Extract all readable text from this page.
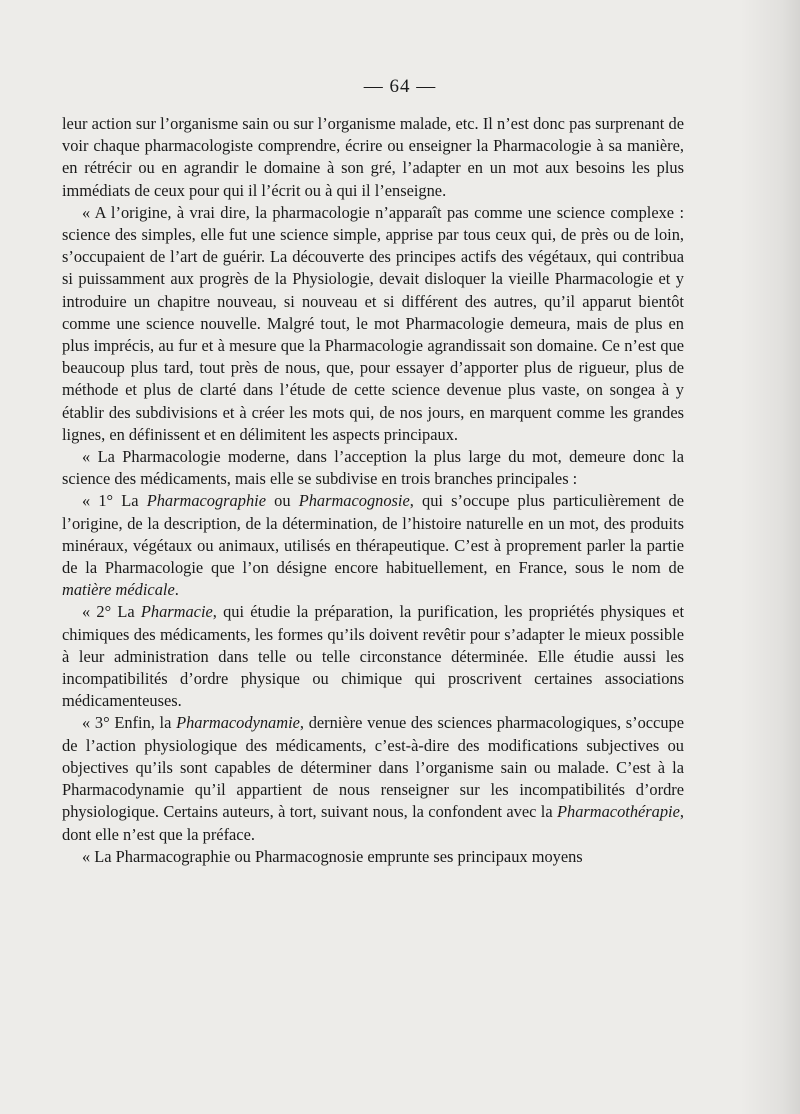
— 64 —

leur action sur l’organisme sain ou sur l’organisme malade, etc. Il n’est donc pas surprenant de voir chaque pharmacologiste comprendre, écrire ou enseigner la Pharmacologie à sa manière, en rétrécir ou en agrandir le domaine à son gré, l’adapter en un mot aux besoins les plus immédiats de ceux pour qui il l’écrit ou à qui il l’enseigne.

« A l’origine, à vrai dire, la pharmacologie n’apparaît pas comme une science complexe : science des simples, elle fut une science simple, apprise par tous ceux qui, de près ou de loin, s’occupaient de l’art de guérir. La découverte des principes actifs des végétaux, qui contribua si puissamment aux progrès de la Physiologie, devait disloquer la vieille Pharmacologie et y introduire un chapitre nouveau, si nouveau et si différent des autres, qu’il apparut bientôt comme une science nouvelle. Malgré tout, le mot Pharmacologie demeura, mais de plus en plus imprécis, au fur et à mesure que la Pharmacologie agrandissait son domaine. Ce n’est que beaucoup plus tard, tout près de nous, que, pour essayer d’apporter plus de rigueur, plus de méthode et plus de clarté dans l’étude de cette science devenue plus vaste, on songea à y établir des subdivisions et à créer les mots qui, de nos jours, en marquent comme les grandes lignes, en définissent et en délimitent les aspects principaux.

« La Pharmacologie moderne, dans l’acception la plus large du mot, demeure donc la science des médicaments, mais elle se subdivise en trois branches principales :

« 1° La Pharmacographie ou Pharmacognosie, qui s’occupe plus particulièrement de l’origine, de la description, de la détermination, de l’histoire naturelle en un mot, des produits minéraux, végétaux ou animaux, utilisés en thérapeutique. C’est à proprement parler la partie de la Pharmacologie que l’on désigne encore habituellement, en France, sous le nom de matière médicale.

« 2° La Pharmacie, qui étudie la préparation, la purification, les propriétés physiques et chimiques des médicaments, les formes qu’ils doivent revêtir pour s’adapter le mieux possible à leur administration dans telle ou telle circonstance déterminée. Elle étudie aussi les incompatibilités d’ordre physique ou chimique qui proscrivent certaines associations médicamenteuses.

« 3° Enfin, la Pharmacodynamie, dernière venue des sciences pharmacologiques, s’occupe de l’action physiologique des médicaments, c’est-à-dire des modifications subjectives ou objectives qu’ils sont capables de déterminer dans l’organisme sain ou malade. C’est à la Pharmacodynamie qu’il appartient de nous renseigner sur les incompatibilités d’ordre physiologique. Certains auteurs, à tort, suivant nous, la confondent avec la Pharmacothérapie, dont elle n’est que la préface.

« La Pharmacographie ou Pharmacognosie emprunte ses principaux moyens
